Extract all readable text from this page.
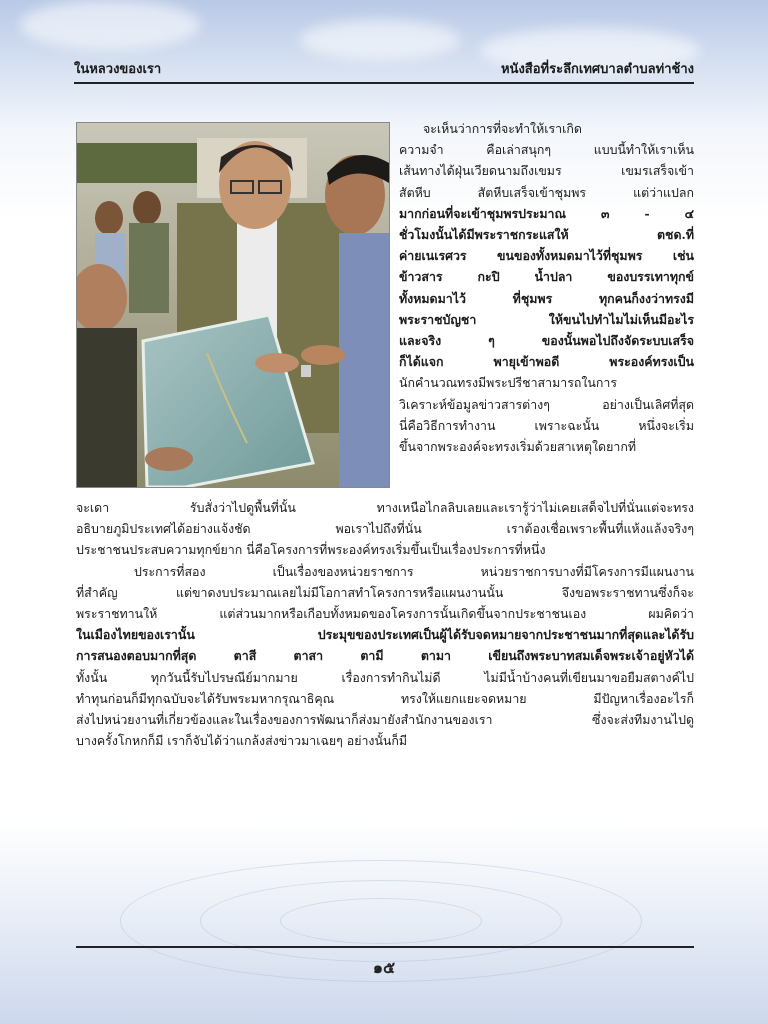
ในหลวงของเรา	หนังสือที่ระลึกเทศบาลตำบลท่าช้าง

จะเห็นว่าการที่จะทำให้เราเกิด

ความจำ คือเล่าสนุกๆ แบบนี้ทำให้เราเห็น

เส้นทางได้ฝุ่นเวียดนามถึงเขมร เขมรเสร็จเข้า

สัตหีบ สัตหีบเสร็จเข้าชุมพร แต่ว่าแปลก

มากก่อนที่จะเข้าชุมพรประมาณ ๓ - ๔

ชั่วโมงนั้นได้มีพระราชกระแสให้ ตชด.ที่

ค่ายเนเรศวร ขนของทั้งหมดมาไว้ที่ชุมพร เช่น

ข้าวสาร กะปิ น้ำปลา ของบรรเทาทุกข์

ทั้งหมดมาไว้ ที่ชุมพร ทุกคนก็งงว่าทรงมี

พระราชบัญชา ให้ขนไปทำไมไม่เห็นมีอะไร

และจริง ๆ ของนั้นพอไปถึงจัดระบบเสร็จ

ก็ได้แจก พายุเข้าพอดี พระองค์ทรงเป็น

นักคำนวณทรงมีพระปรีชาสามารถในการ

วิเคราะห์ข้อมูลข่าวสารต่างๆ อย่างเป็นเลิศที่สุด

นี่คือวิธีการทำงาน เพราะฉะนั้น หนึ่งจะเริ่ม

ขึ้นจากพระองค์จะทรงเริ่มด้วยสาเหตุใดยากที่

จะเดา รับสั่งว่าไปดูพื้นที่นั้น ทางเหนือไกลลิบเลยและเรารู้ว่าไม่เคยเสด็จไปที่นั่นแต่จะทรง

อธิบายภูมิประเทศได้อย่างแจ้งชัด พอเราไปถึงที่นั่น เราต้องเชื่อเพราะพื้นที่แห้งแล้งจริงๆ

ประชาชนประสบความทุกข์ยาก นี่คือโครงการที่พระองค์ทรงเริ่มขึ้นเป็นเรื่องประการที่หนึ่ง

ประการที่สอง เป็นเรื่องของหน่วยราชการ หน่วยราชการบางที่มีโครงการมีแผนงาน

ที่สำคัญ แต่ขาดงบประมาณเลยไม่มีโอกาสทำโครงการหรือแผนงานนั้น จึงขอพระราชทานซึ่งก็จะ

พระราชทานให้ แต่ส่วนมากหรือเกือบทั้งหมดของโครงการนั้นเกิดขึ้นจากประชาชนเอง ผมคิดว่า

ในเมืองไทยของเรานั้น ประมุขของประเทศเป็นผู้ได้รับจดหมายจากประชาชนมากที่สุดและได้รับ

การสนองตอบมากที่สุด ตาสี ตาสา ตามี ตามา เขียนถึงพระบาทสมเด็จพระเจ้าอยู่หัวได้

ทั้งนั้น ทุกวันนี้รับไปรษณีย์มากมาย เรื่องการทำกินไม่ดี ไม่มีน้ำบ้างคนที่เขียนมาขอยืมสตางค์ไป

ทำทุนก่อนก็มีทุกฉบับจะได้รับพระมหากรุณาธิคุณ ทรงให้แยกแยะจดหมาย มีปัญหาเรื่องอะไรก็

ส่งไปหน่วยงานที่เกี่ยวข้องและในเรื่องของการพัฒนาก็ส่งมายังสำนักงานของเรา ซึ่งจะส่งทีมงานไปดู

บางครั้งโกหกก็มี เราก็จับได้ว่าแกล้งส่งข่าวมาเฉยๆ อย่างนั้นก็มี

๑๕
